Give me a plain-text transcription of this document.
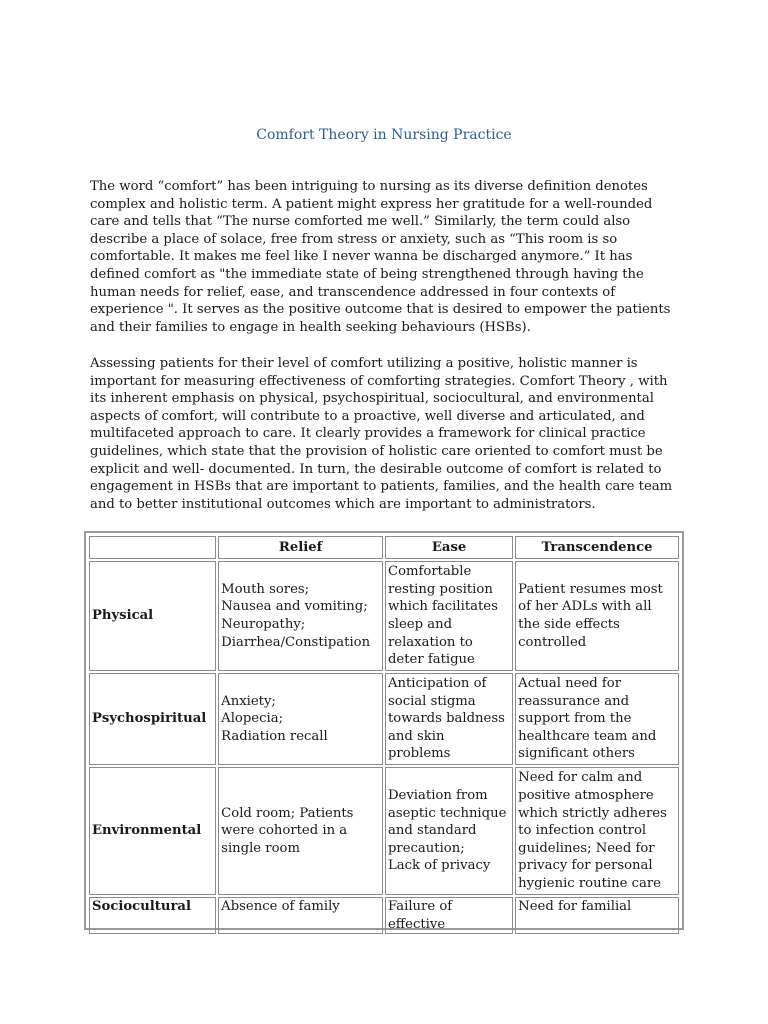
Comfort Theory in Nursing Practice

The word “comfort” has been intriguing to nursing as its diverse definition denotes complex and holistic term. A patient might express her gratitude for a well-rounded care and tells that “The nurse comforted me well.” Similarly, the term could also describe a place of solace, free from stress or anxiety, such as “This room is so comfortable. It makes me feel like I never wanna be discharged anymore.” It has defined comfort as "the immediate state of being strengthened through having the human needs for relief, ease, and transcendence addressed in four contexts of experience ". It serves as the positive outcome that is desired to empower the patients and their families to engage in health seeking behaviours (HSBs).

Assessing patients for their level of comfort utilizing a positive, holistic manner is important for measuring effectiveness of comforting strategies. Comfort Theory , with its inherent emphasis on physical, psychospiritual, sociocultural, and environmental aspects of comfort, will contribute to a proactive, well diverse and articulated, and multifaceted approach to care. It clearly provides a framework for clinical practice guidelines, which state that the provision of holistic care oriented to comfort must be explicit and well- documented. In turn, the desirable outcome of comfort is related to engagement in HSBs that are important to patients, families, and the health care team and to better institutional outcomes which are important to administrators.

	Relief	Ease	Transcendence
Physical	Mouth sores;
Nausea and vomiting;
Neuropathy;
Diarrhea/Constipation	Comfortable resting position which facilitates sleep and relaxation to deter fatigue	Patient resumes most of her ADLs with all the side effects controlled

Psychospiritual	Anxiety;
Alopecia;
Radiation recall	Anticipation of social stigma towards baldness and skin problems	Actual need for reassurance and support from the healthcare team and significant others

Environmental	Cold room; Patients were cohorted in a single room	Deviation from aseptic technique and standard precaution;
Lack of privacy	Need for calm and positive atmosphere which strictly adheres to infection control guidelines; Need for privacy for personal hygienic routine care

Sociocultural	Absence of family	Failure of effective	Need for familial
